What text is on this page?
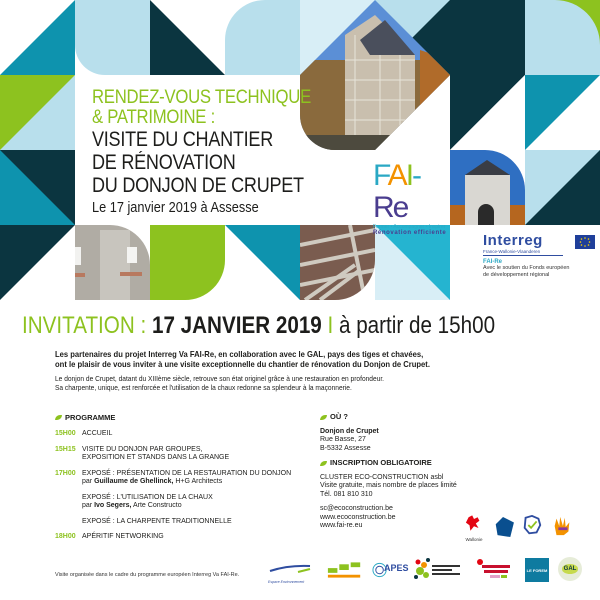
RENDEZ-VOUS TECHNIQUE
& PATRIMOINE :
VISITE DU CHANTIER
DE RÉNOVATION
DU DONJON DE CRUPET
Le 17 janvier 2019 à Assesse
FAI-Re
Former • Accompagner • Inspirer
Rénovation efficiente Interreg
France-Wallonie-Vlaanderen
FAI-Re
Avec le soutien du Fonds européen
de développement régional
INVITATION : 17 JANVIER 2019 I à partir de 15h00
Les partenaires du projet Interreg Va FAI-Re, en collaboration avec le GAL, pays des tiges et chavées,
ont le plaisir de vous inviter à une visite exceptionnelle du chantier de rénovation du Donjon de Crupet.
Le donjon de Crupet, datant du XIIIème siècle, retrouve son état originel grâce à une restauration en profondeur.
Sa charpente, unique, est renforcée et l'utilisation de la chaux redonne sa splendeur à la maçonnerie.
PROGRAMME
15H00 ACCUEIL
15H15 VISITE DU DONJON PAR GROUPES,
EXPOSITION ET STANDS DANS LA GRANGE
17H00 EXPOSÉ : PRÉSENTATION DE LA RESTAURATION DU DONJON
par Guillaume de Ghellinck, H+G Architects
EXPOSÉ : L'UTILISATION DE LA CHAUX
par Ivo Segers, Arte Constructo
EXPOSÉ : LA CHARPENTE TRADITIONNELLE
18H00 APÉRITIF NETWORKING
OÙ ?

Donjon de Crupet
Rue Basse, 27
B-5332 Assesse

INSCRIPTION OBLIGATOIRE

CLUSTER ECO-CONSTRUCTION asbl
Visite gratuite, mais nombre de places limité
Tél. 081 810 310

sc@ecoconstruction.be
www.ecoconstruction.be
www.fai-re.eu

Wallonie
Espace Environnement
APES	LE FOREM	GAL
Visite organisée dans le cadre du programme européen Interreg Va FAI-Re.
